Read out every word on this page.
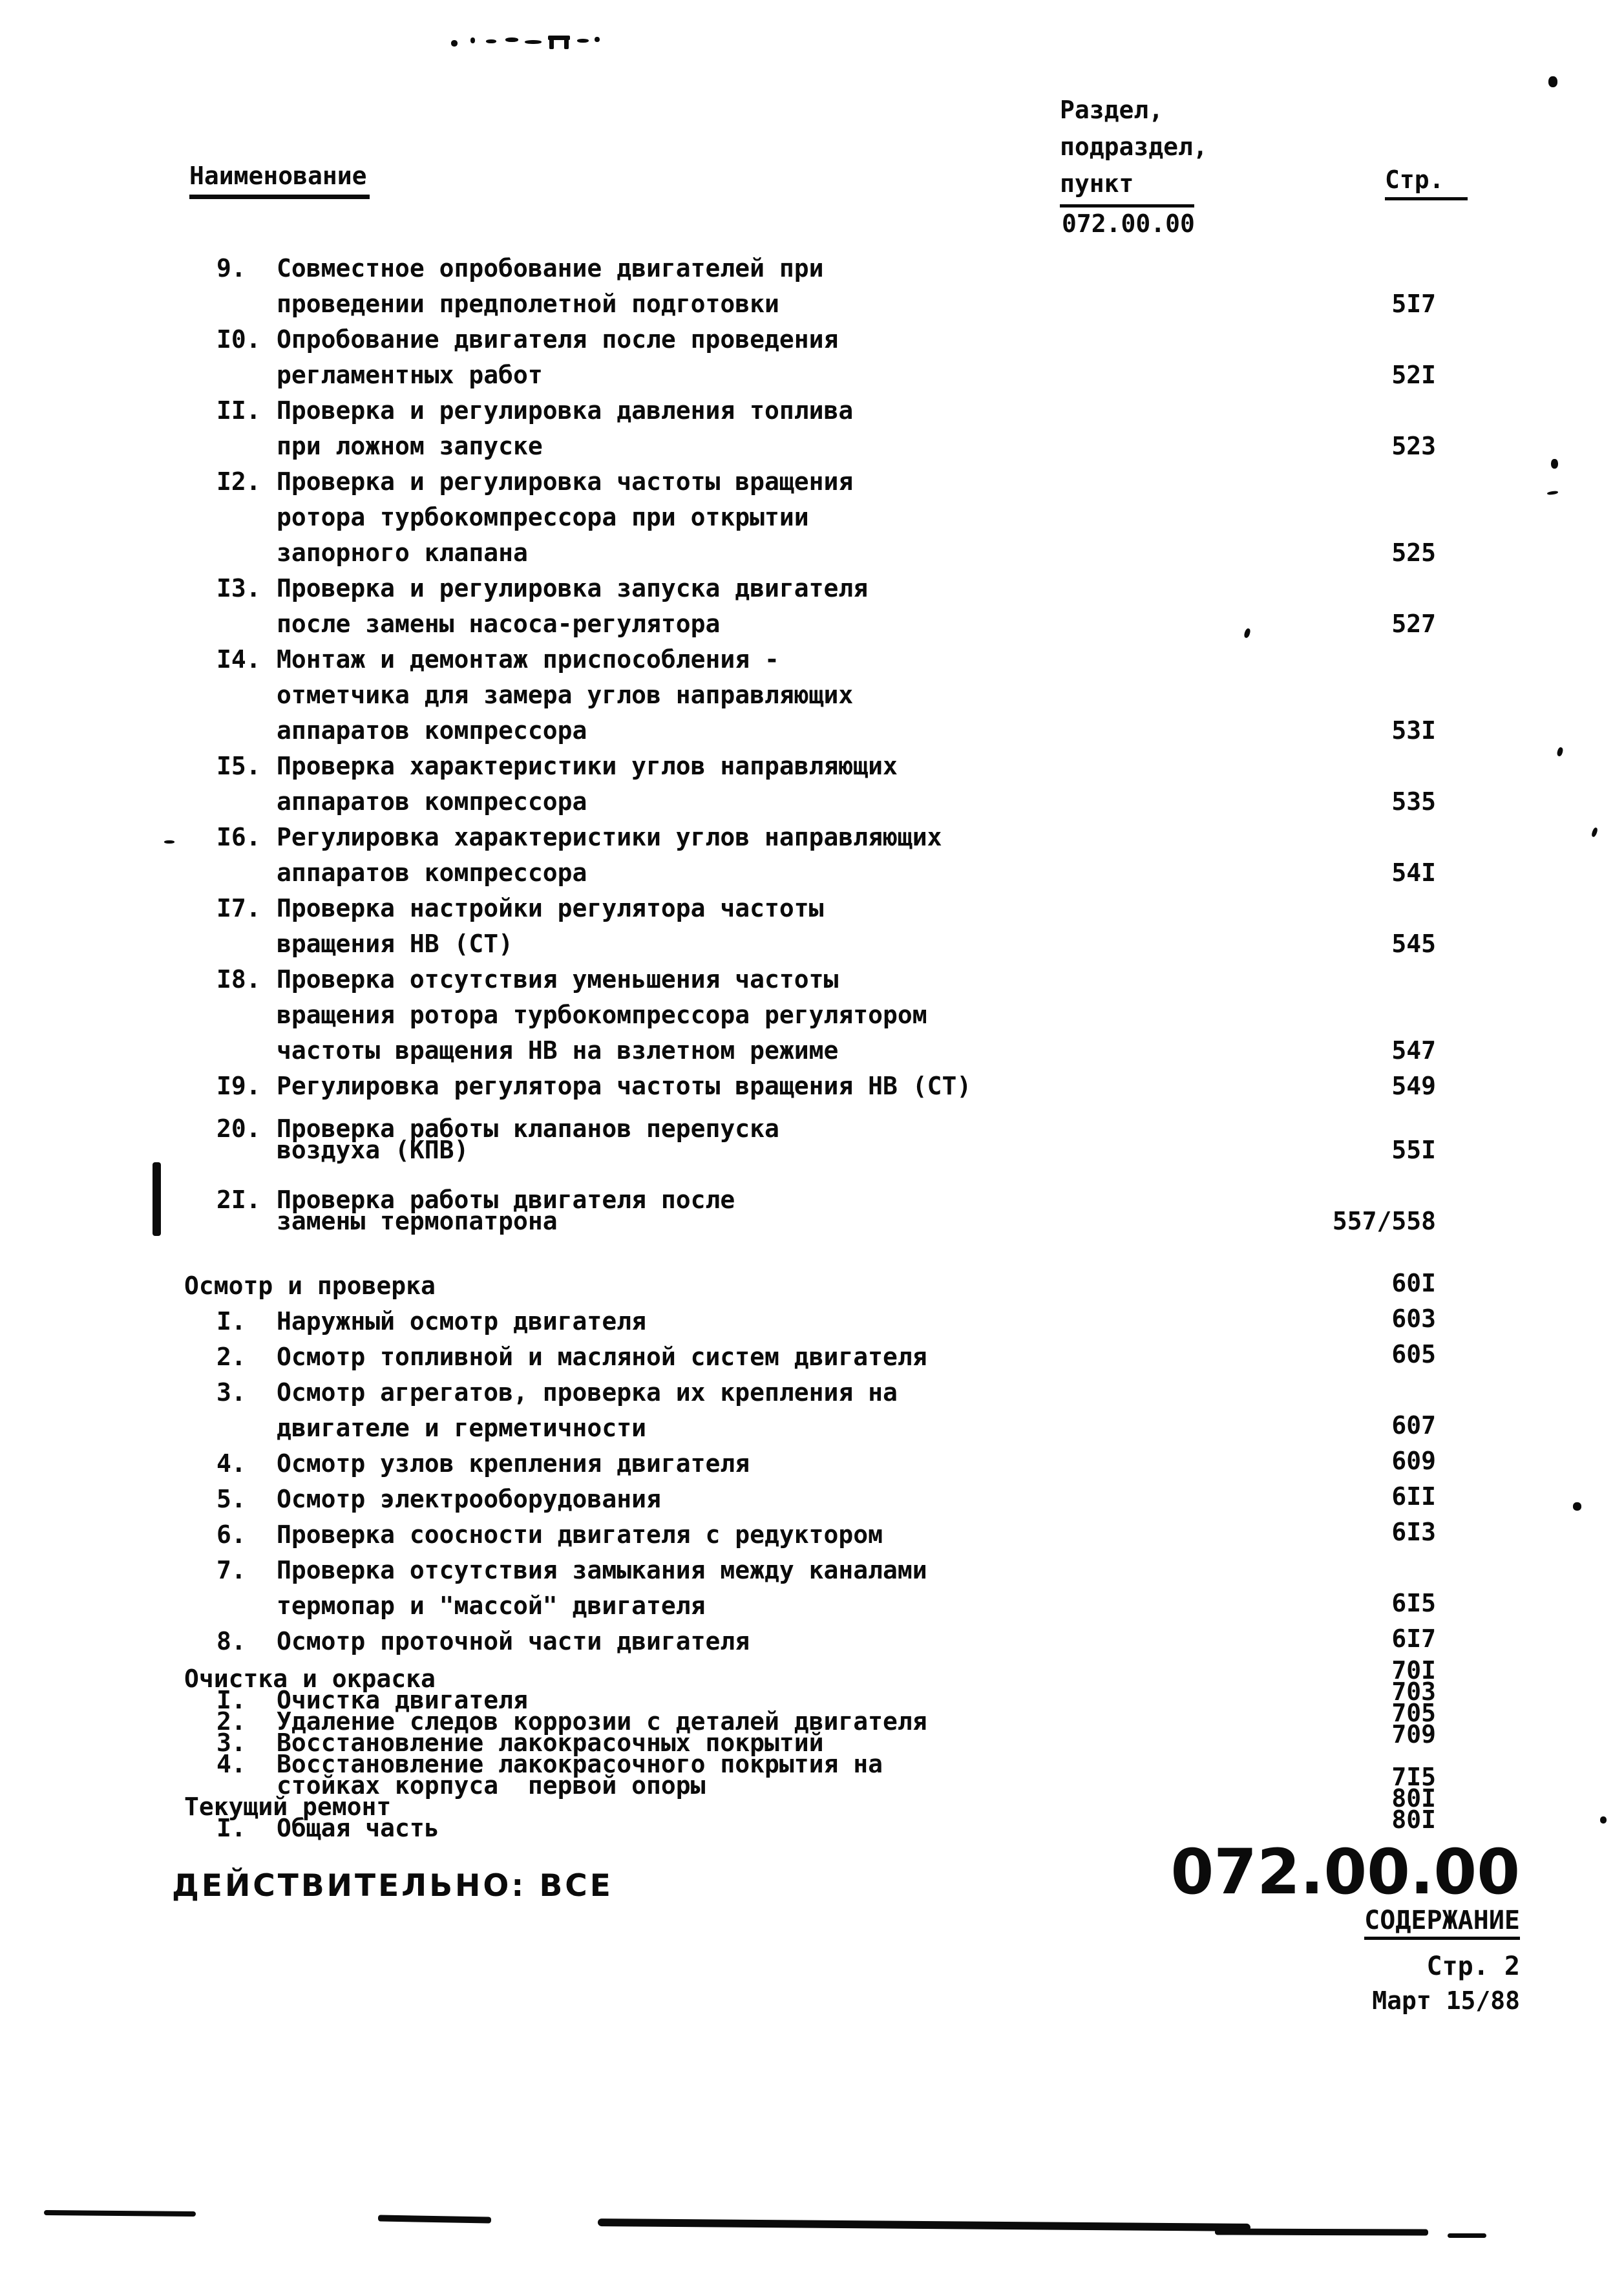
Наименование
Раздел,
подраздел,
пункт	Стр.
072.00.00
9.	Совместное опробование двигателей при
проведении предполетной подготовки	5I7
I0. Опробование двигателя после проведения
регламентных работ	52I
II. Проверка и регулировка давления топлива
при ложном запуске	523
I2. Проверка и регулировка частоты вращения
ротора турбокомпрессора при открытии
запорного клапана	525
I3. Проверка и регулировка запуска двигателя
после замены насоса-регулятора	527
I4. Монтаж и демонтаж приспособления -
отметчика для замера углов направляющих
аппаратов компрессора	53I
I5. Проверка характеристики углов направляющих
аппаратов компрессора	535
I6. Регулировка характеристики углов направляющих
аппаратов компрессора	54I
I7. Проверка настройки регулятора частоты
вращения НВ (СТ)	545
I8. Проверка отсутствия уменьшения частоты
вращения ротора турбокомпрессора регулятором
частоты вращения НВ на взлетном режиме	547
I9. Регулировка регулятора частоты вращения НВ (СТ)	549
20. Проверка работы клапанов перепуска
воздуха (КПВ)	55I
2I. Проверка работы двигателя после
замены термопатрона	557/558
Осмотр и проверка	60I
I.	Наружный осмотр двигателя	603
2.	Осмотр топливной и масляной систем двигателя	605
3.	Осмотр агрегатов, проверка их крепления на
двигателе и герметичности	607
4.	Осмотр узлов крепления двигателя	609
5.	Осмотр электрооборудования	6II
6.	Проверка соосности двигателя с редуктором	6I3
7.	Проверка отсутствия замыкания между каналами
термопар и "массой" двигателя	6I5
8.	Осмотр проточной части двигателя	6I7
Очистка и окраска	70I
I.	Очистка двигателя	703
2.	Удаление следов коррозии с деталей двигателя	705
3.	Восстановление лакокрасочных покрытий	709
4.	Восстановление лакокрасочного покрытия на
стойках корпуса  первой опоры	7I5
Текущий ремонт	80I
I.	Общая часть	80I
ДЕЙСТВИТЕЛЬНО: ВСЕ	072.00.00
СОДЕРЖАНИЕ
Стр. 2
Март 15/88
